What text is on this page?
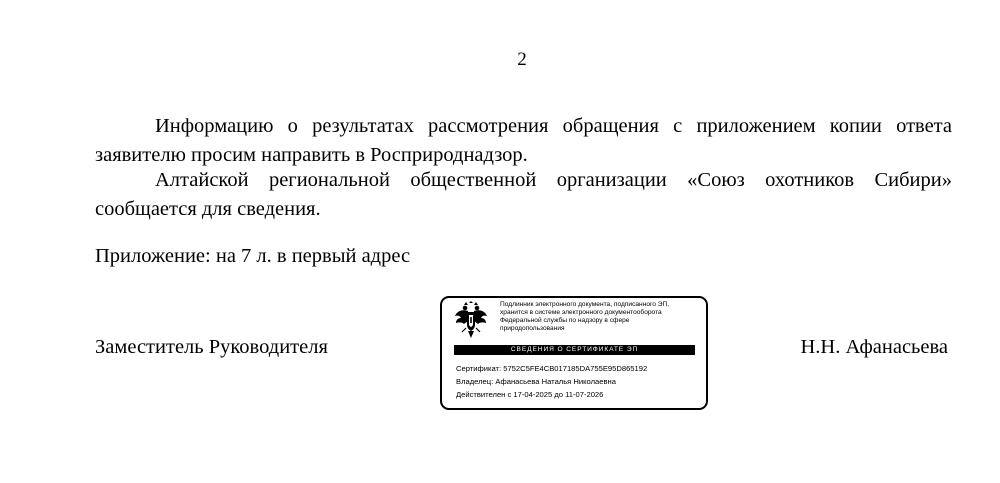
2

Информацию о результатах рассмотрения обращения с приложением копии ответа заявителю просим направить в Росприроднадзор.

Алтайской региональной общественной организации «Союз охотников Сибири» сообщается для сведения.

Приложение: на 7 л. в первый адрес

Заместитель Руководителя
Подлинник электронного документа, подписанного ЭП,
хранится в системе электронного документооборота
Федеральной службы по надзору в сфере
природопользования
СВЕДЕНИЯ О СЕРТИФИКАТЕ ЭП
Сертификат: 5752C5FE4CB017185DA755E95D865192
Владелец: Афанасьева Наталья Николаевна
Действителен с 17-04-2025 до 11-07-2026
Н.Н. Афанасьева
